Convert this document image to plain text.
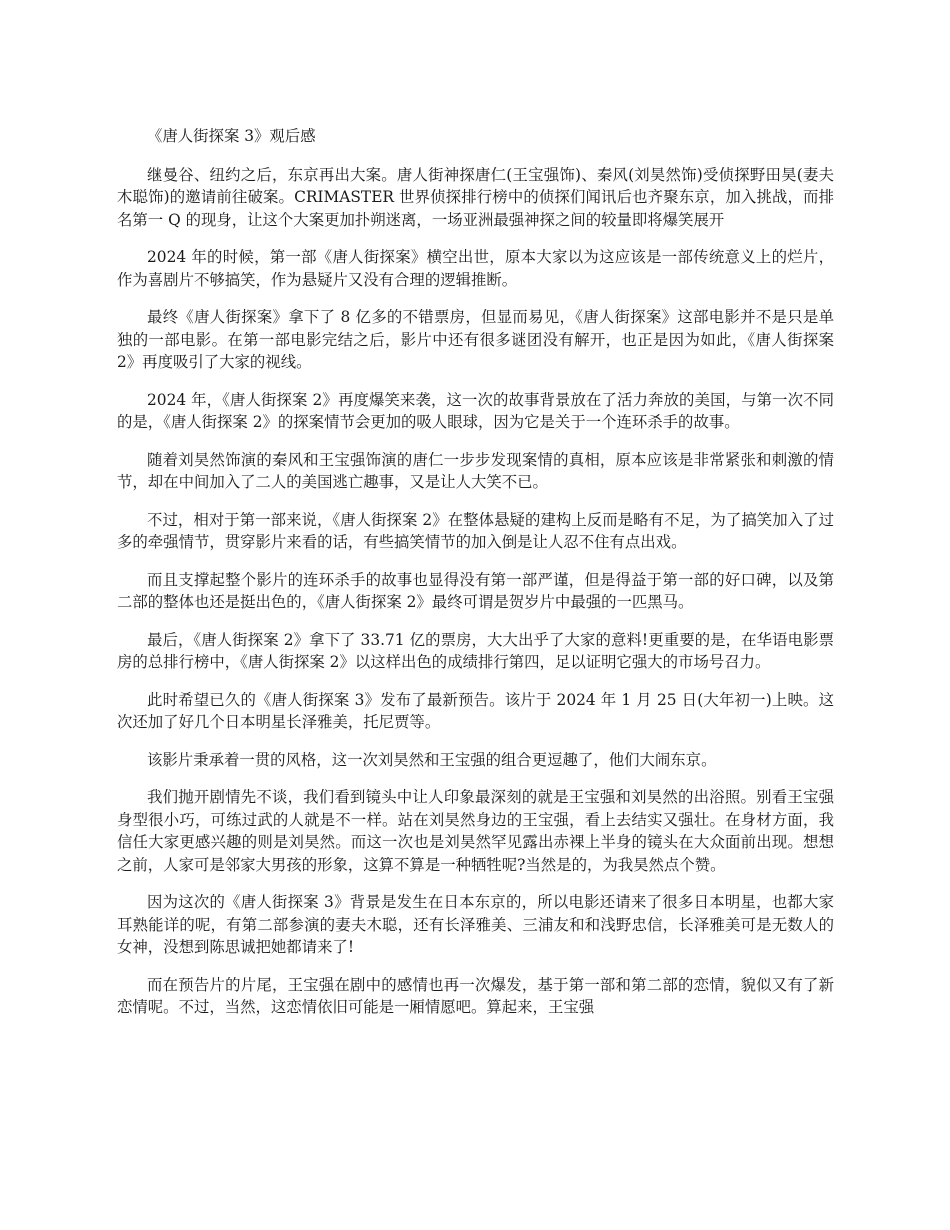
《唐人街探案 3》观后感

继曼谷、纽约之后，东京再出大案。唐人街神探唐仁(王宝强饰)、秦风(刘昊然饰)受侦探野田昊(妻夫木聪饰)的邀请前往破案。CRIMASTER 世界侦探排行榜中的侦探们闻讯后也齐聚东京，加入挑战，而排名第一 Q 的现身，让这个大案更加扑朔迷离，一场亚洲最强神探之间的较量即将爆笑展开

2024 年的时候，第一部《唐人街探案》横空出世，原本大家以为这应该是一部传统意义上的烂片，作为喜剧片不够搞笑，作为悬疑片又没有合理的逻辑推断。

最终《唐人街探案》拿下了 8 亿多的不错票房，但显而易见，《唐人街探案》这部电影并不是只是单独的一部电影。在第一部电影完结之后，影片中还有很多谜团没有解开，也正是因为如此，《唐人街探案 2》再度吸引了大家的视线。

2024 年，《唐人街探案 2》再度爆笑来袭，这一次的故事背景放在了活力奔放的美国，与第一次不同的是，《唐人街探案 2》的探案情节会更加的吸人眼球，因为它是关于一个连环杀手的故事。

随着刘昊然饰演的秦风和王宝强饰演的唐仁一步步发现案情的真相，原本应该是非常紧张和刺激的情节，却在中间加入了二人的美国逃亡趣事，又是让人大笑不已。

不过，相对于第一部来说，《唐人街探案 2》在整体悬疑的建构上反而是略有不足，为了搞笑加入了过多的牵强情节，贯穿影片来看的话，有些搞笑情节的加入倒是让人忍不住有点出戏。

而且支撑起整个影片的连环杀手的故事也显得没有第一部严谨，但是得益于第一部的好口碑，以及第二部的整体也还是挺出色的，《唐人街探案 2》最终可谓是贺岁片中最强的一匹黑马。

最后，《唐人街探案 2》拿下了 33.71 亿的票房，大大出乎了大家的意料!更重要的是，在华语电影票房的总排行榜中，《唐人街探案 2》以这样出色的成绩排行第四，足以证明它强大的市场号召力。

此时希望已久的《唐人街探案 3》发布了最新预告。该片于 2024 年 1 月 25 日(大年初一)上映。这次还加了好几个日本明星长泽雅美，托尼贾等。

该影片秉承着一贯的风格，这一次刘昊然和王宝强的组合更逗趣了，他们大闹东京。

我们抛开剧情先不谈，我们看到镜头中让人印象最深刻的就是王宝强和刘昊然的出浴照。别看王宝强身型很小巧，可练过武的人就是不一样。站在刘昊然身边的王宝强，看上去结实又强壮。在身材方面，我信任大家更感兴趣的则是刘昊然。而这一次也是刘昊然罕见露出赤裸上半身的镜头在大众面前出现。想想之前，人家可是邻家大男孩的形象，这算不算是一种牺牲呢?当然是的，为我昊然点个赞。

因为这次的《唐人街探案 3》背景是发生在日本东京的，所以电影还请来了很多日本明星，也都大家耳熟能详的呢，有第二部参演的妻夫木聪，还有长泽雅美、三浦友和和浅野忠信，长泽雅美可是无数人的女神，没想到陈思诚把她都请来了!

而在预告片的片尾，王宝强在剧中的感情也再一次爆发，基于第一部和第二部的恋情，貌似又有了新恋情呢。不过，当然，这恋情依旧可能是一厢情愿吧。算起来，王宝强
